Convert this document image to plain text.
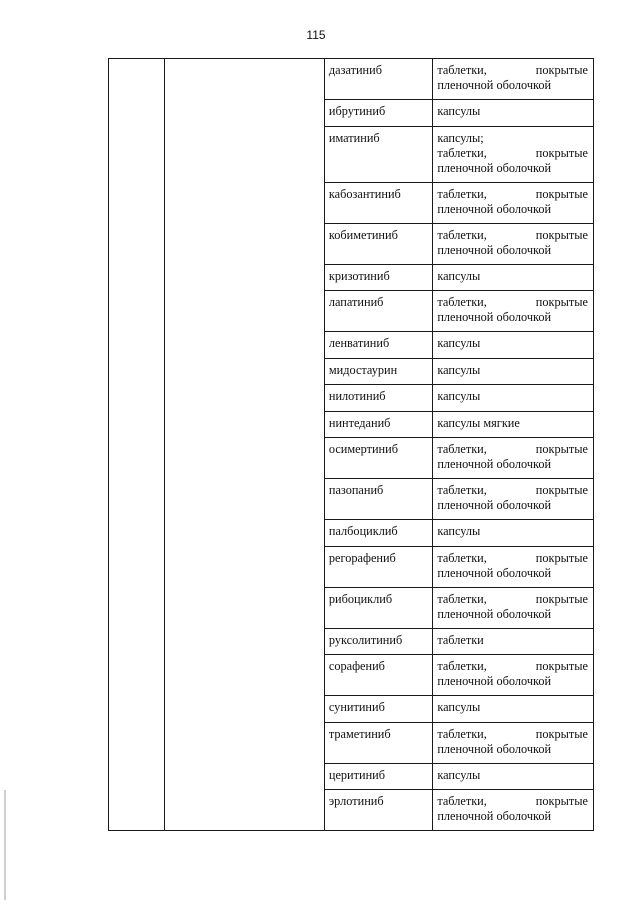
115
		дазатиниб	таблетки, покрытые
пленочной оболочкой

		ибрутиниб	капсулы

		иматиниб	капсулы;
таблетки, покрытые
пленочной оболочкой

		кабозантиниб	таблетки, покрытые
пленочной оболочкой

		кобиметиниб	таблетки, покрытые
пленочной оболочкой

		кризотиниб	капсулы

		лапатиниб	таблетки, покрытые
пленочной оболочкой

		ленватиниб	капсулы

		мидостаурин	капсулы

		нилотиниб	капсулы

		нинтеданиб	капсулы мягкие

		осимертиниб	таблетки, покрытые
пленочной оболочкой

		пазопаниб	таблетки, покрытые
пленочной оболочкой

		палбоциклиб	капсулы

		регорафениб	таблетки, покрытые
пленочной оболочкой

		рибоциклиб	таблетки, покрытые
пленочной оболочкой

		руксолитиниб	таблетки

		сорафениб	таблетки, покрытые
пленочной оболочкой

		сунитиниб	капсулы

		траметиниб	таблетки, покрытые
пленочной оболочкой

		церитиниб	капсулы

		эрлотиниб	таблетки, покрытые
пленочной оболочкой
